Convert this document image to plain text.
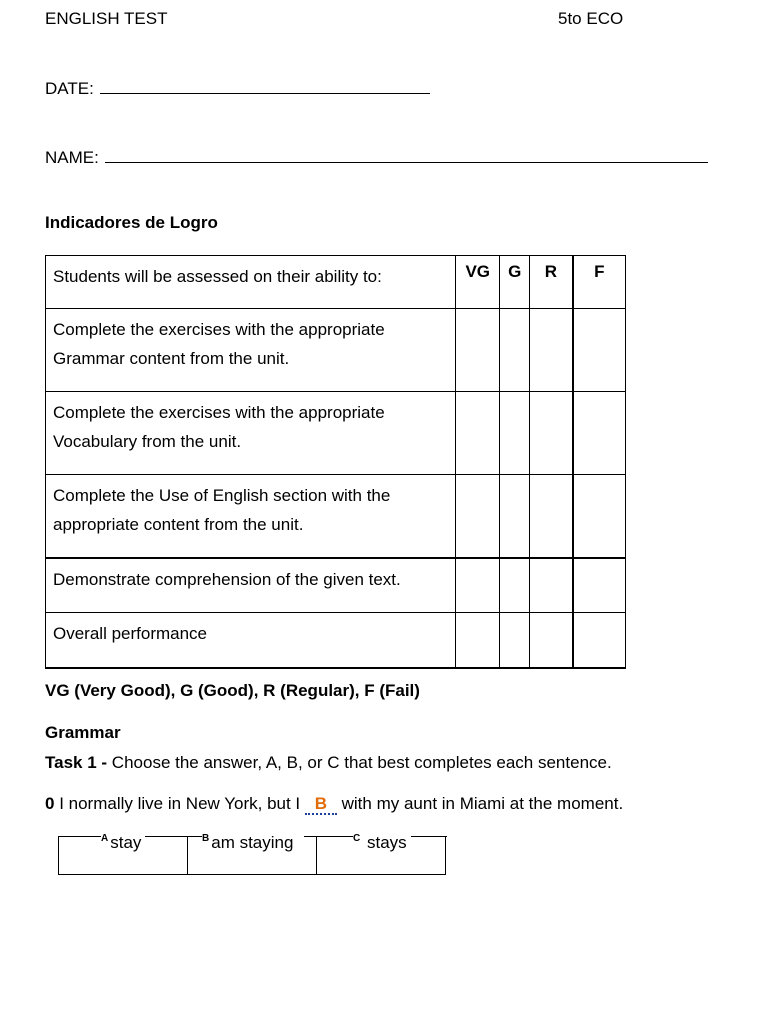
ENGLISH TEST	5to ECO
DATE:
NAME:
Indicadores de Logro
Students will be assessed on their ability to:	VG	G	R	F
Complete the exercises with the appropriate Grammar content from the unit.				
Complete the exercises with the appropriate Vocabulary from the unit.				
Complete the Use of English section with the appropriate content from the unit.				
Demonstrate comprehension of the given text.				
Overall performance				
VG (Very Good), G (Good), R (Regular), F (Fail)
Grammar
Task 1 - Choose the answer, A, B, or C that best completes each sentence.
0 I normally live in New York, but I B with my aunt in Miami at the moment.
$^A$ stay	$^B$ am staying	$^C$ stays
